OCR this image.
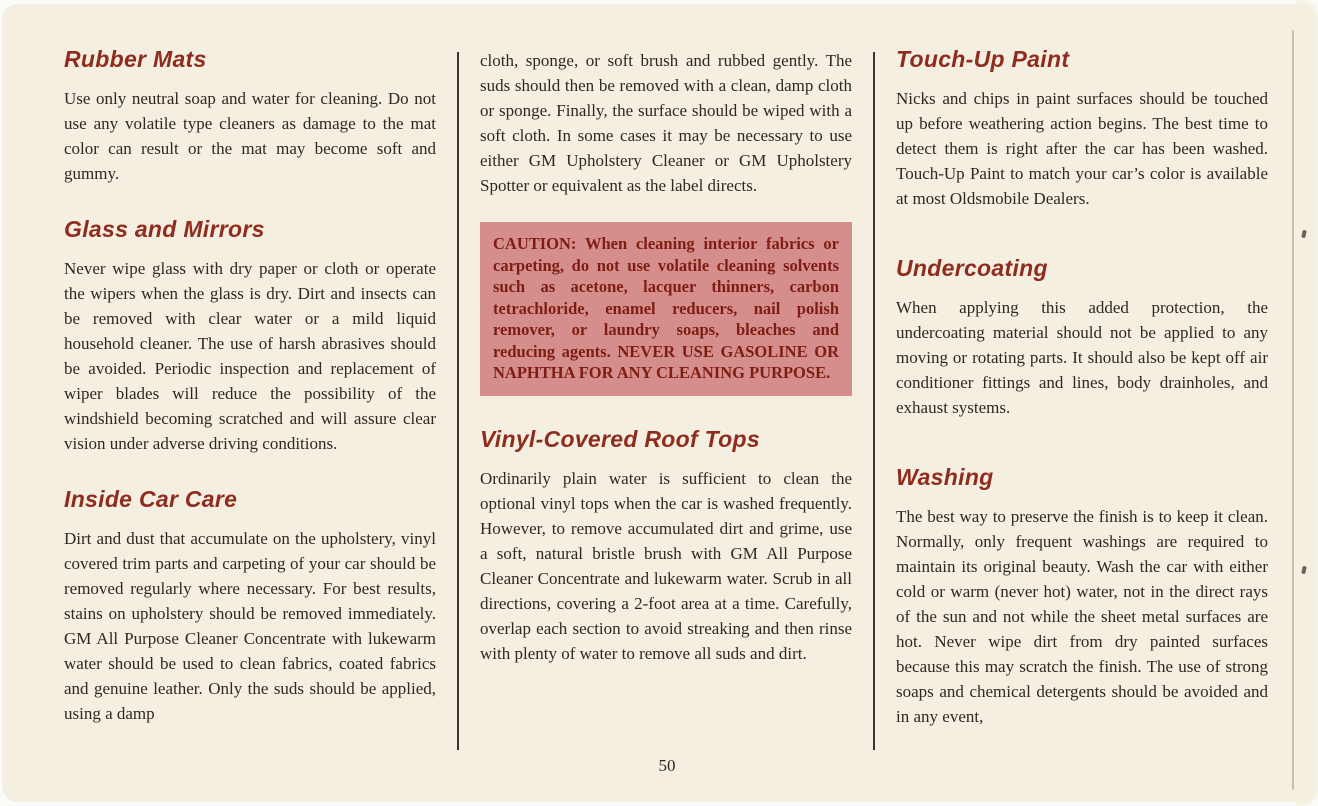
Rubber Mats

Use only neutral soap and water for cleaning. Do not use any volatile type cleaners as damage to the mat color can result or the mat may become soft and gummy.

Glass and Mirrors

Never wipe glass with dry paper or cloth or operate the wipers when the glass is dry. Dirt and insects can be removed with clear water or a mild liquid household cleaner. The use of harsh abrasives should be avoided. Periodic inspection and replacement of wiper blades will reduce the possibility of the windshield becoming scratched and will assure clear vision under adverse driving conditions.

Inside Car Care

Dirt and dust that accumulate on the upholstery, vinyl covered trim parts and carpeting of your car should be removed regularly where necessary. For best results, stains on upholstery should be removed immediately. GM All Purpose Cleaner Concentrate with lukewarm water should be used to clean fabrics, coated fabrics and genuine leather. Only the suds should be applied, using a damp

cloth, sponge, or soft brush and rubbed gently. The suds should then be removed with a clean, damp cloth or sponge. Finally, the surface should be wiped with a soft cloth. In some cases it may be necessary to use either GM Upholstery Cleaner or GM Upholstery Spotter or equivalent as the label directs.

CAUTION: When cleaning interior fabrics or carpeting, do not use volatile cleaning solvents such as acetone, lacquer thinners, carbon tetrachloride, enamel reducers, nail polish remover, or laundry soaps, bleaches and reducing agents. NEVER USE GASOLINE OR NAPHTHA FOR ANY CLEANING PURPOSE.
Vinyl-Covered Roof Tops

Ordinarily plain water is sufficient to clean the optional vinyl tops when the car is washed frequently. However, to remove accumulated dirt and grime, use a soft, natural bristle brush with GM All Purpose Cleaner Concentrate and lukewarm water. Scrub in all directions, covering a 2-foot area at a time. Carefully, overlap each section to avoid streaking and then rinse with plenty of water to remove all suds and dirt.

Touch-Up Paint

Nicks and chips in paint surfaces should be touched up before weathering action begins. The best time to detect them is right after the car has been washed. Touch-Up Paint to match your car’s color is available at most Oldsmobile Dealers.

Undercoating

When applying this added protection, the undercoating material should not be applied to any moving or rotating parts. It should also be kept off air conditioner fittings and lines, body drainholes, and exhaust systems.

Washing

The best way to preserve the finish is to keep it clean. Normally, only frequent washings are required to maintain its original beauty. Wash the car with either cold or warm (never hot) water, not in the direct rays of the sun and not while the sheet metal surfaces are hot. Never wipe dirt from dry painted surfaces because this may scratch the finish. The use of strong soaps and chemical detergents should be avoided and in any event,

50
